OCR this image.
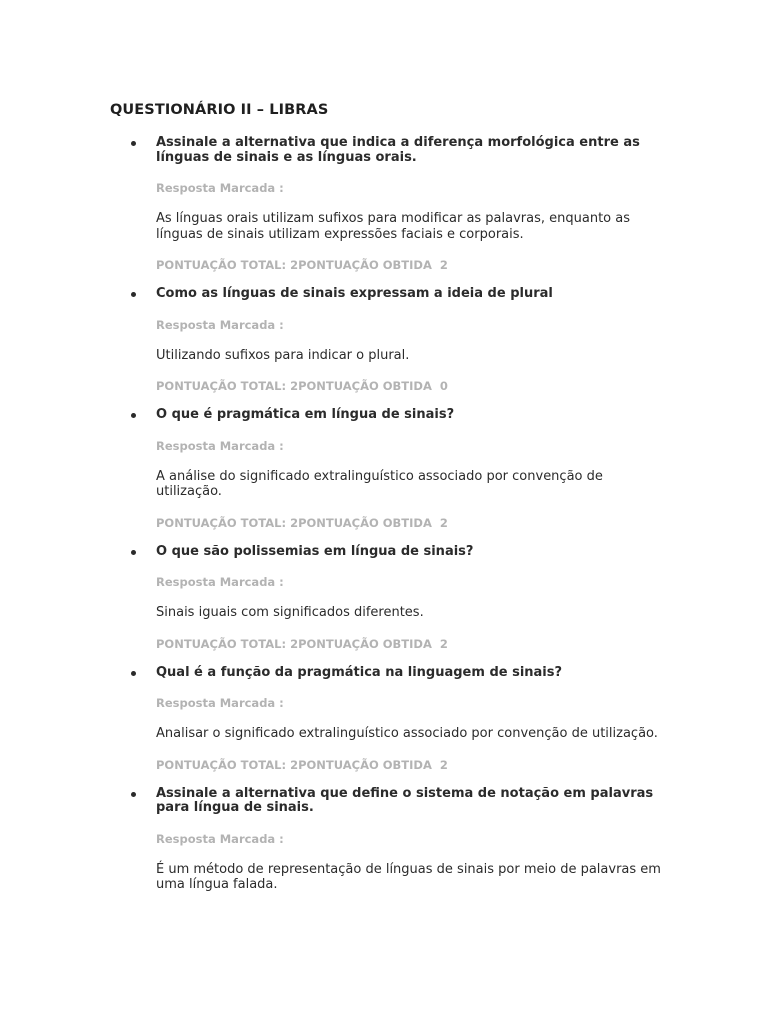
QUESTIONÁRIO II – LIBRAS

Assinale a alternativa que indica a diferença morfológica entre as línguas de sinais e as línguas orais.

Resposta Marcada :
As línguas orais utilizam sufixos para modificar as palavras, enquanto as línguas de sinais utilizam expressões faciais e corporais.
PONTUAÇÃO TOTAL: 2PONTUAÇÃO OBTIDA  2

Como as línguas de sinais expressam a ideia de plural

Resposta Marcada :
Utilizando sufixos para indicar o plural.
PONTUAÇÃO TOTAL: 2PONTUAÇÃO OBTIDA  0

O que é pragmática em língua de sinais?

Resposta Marcada :
A análise do significado extralinguístico associado por convenção de utilização.
PONTUAÇÃO TOTAL: 2PONTUAÇÃO OBTIDA  2

O que são polissemias em língua de sinais?

Resposta Marcada :
Sinais iguais com significados diferentes.
PONTUAÇÃO TOTAL: 2PONTUAÇÃO OBTIDA  2

Qual é a função da pragmática na linguagem de sinais?

Resposta Marcada :
Analisar o significado extralinguístico associado por convenção de utilização.
PONTUAÇÃO TOTAL: 2PONTUAÇÃO OBTIDA  2

Assinale a alternativa que define o sistema de notação em palavras para língua de sinais.

Resposta Marcada :
É um método de representação de línguas de sinais por meio de palavras em uma língua falada.
